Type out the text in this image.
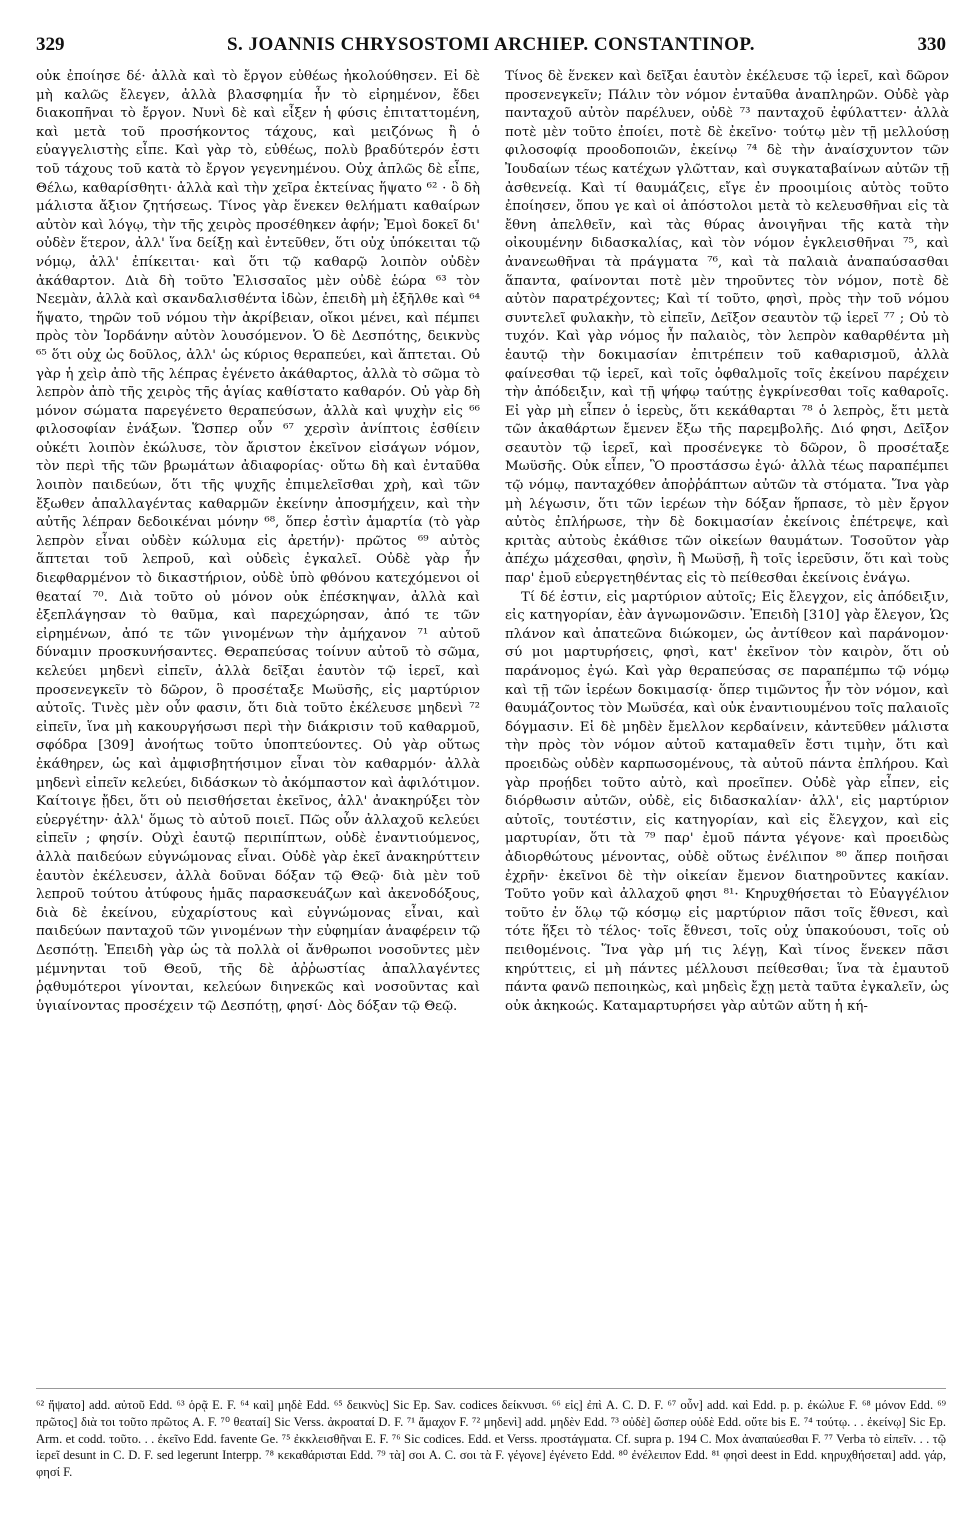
329	S. JOANNIS CHRYSOSTOMI ARCHIEP. CONSTANTINOP.	330

οὐκ ἐποίησε δέ· ἀλλὰ καὶ τὸ ἔργον εὐθέως ἠκολούθησεν. Εἰ δὲ μὴ καλῶς ἔλεγεν, ἀλλὰ βλασφημία ἦν τὸ εἰρημένον, ἔδει διακοπῆναι τὸ ἔργον. Νυνὶ δὲ καὶ εἶξεν ἡ φύσις ἐπιταττομένη, καὶ μετὰ τοῦ προσήκοντος τάχους, καὶ μειζόνως ἢ ὁ εὐαγγελιστὴς εἶπε. Καὶ γὰρ τὸ, εὐθέως, πολὺ βραδύτερόν ἐστι τοῦ τάχους τοῦ κατὰ τὸ ἔργον γεγενημένου. Οὐχ ἁπλῶς δὲ εἶπε, Θέλω, καθαρίσθητι· ἀλλὰ καὶ τὴν χεῖρα ἐκτείνας ἥψατο ⁶² · ὃ δὴ μάλιστα ἄξιον ζητήσεως. Τίνος γὰρ ἕνεκεν θελήματι καθαίρων αὐτὸν καὶ λόγῳ, τὴν τῆς χειρὸς προσέθηκεν ἀφήν; Ἐμοὶ δοκεῖ δι' οὐδὲν ἕτερον, ἀλλ' ἵνα δείξῃ καὶ ἐντεῦθεν, ὅτι οὐχ ὑπόκειται τῷ νόμῳ, ἀλλ' ἐπίκειται· καὶ ὅτι τῷ καθαρῷ λοιπὸν οὐδὲν ἀκάθαρτον. Διὰ δὴ τοῦτο Ἐλισσαῖος μὲν οὐδὲ ἑώρα ⁶³ τὸν Νεεμὰν, ἀλλὰ καὶ σκανδαλισθέντα ἰδὼν, ἐπειδὴ μὴ ἐξῆλθε καὶ ⁶⁴ ἥψατο, τηρῶν τοῦ νόμου τὴν ἀκρίβειαν, οἴκοι μένει, καὶ πέμπει πρὸς τὸν Ἰορδάνην αὐτὸν λουσόμενον. Ὁ δὲ Δεσπότης, δεικνὺς ⁶⁵ ὅτι οὐχ ὡς δοῦλος, ἀλλ' ὡς κύριος θεραπεύει, καὶ ἅπτεται. Οὐ γὰρ ἡ χεὶρ ἀπὸ τῆς λέπρας ἐγένετο ἀκάθαρτος, ἀλλὰ τὸ σῶμα τὸ λεπρὸν ἀπὸ τῆς χειρὸς τῆς ἁγίας καθίστατο καθαρόν. Οὐ γὰρ δὴ μόνον σώματα παρεγένετο θεραπεύσων, ἀλλὰ καὶ ψυχὴν εἰς ⁶⁶ φιλοσοφίαν ἐνάξων. Ὥσπερ οὖν ⁶⁷ χερσὶν ἀνίπτοις ἐσθίειν οὐκέτι λοιπὸν ἐκώλυσε, τὸν ἄριστον ἐκεῖνον εἰσάγων νόμον, τὸν περὶ τῆς τῶν βρωμάτων ἀδιαφορίας· οὕτω δὴ καὶ ἐνταῦθα λοιπὸν παιδεύων, ὅτι τῆς ψυχῆς ἐπιμελεῖσθαι χρὴ, καὶ τῶν ἔξωθεν ἀπαλλαγέντας καθαρμῶν ἐκείνην ἀποσμήχειν, καὶ τὴν αὐτῆς λέπραν δεδοικέναι μόνην ⁶⁸, ὅπερ ἐστὶν ἁμαρτία (τὸ γὰρ λεπρὸν εἶναι οὐδὲν κώλυμα εἰς ἀρετήν)· πρῶτος ⁶⁹ αὐτὸς ἅπτεται τοῦ λεπροῦ, καὶ οὐδεὶς ἐγκαλεῖ. Οὐδὲ γὰρ ἦν διεφθαρμένον τὸ δικαστήριον, οὐδὲ ὑπὸ φθόνου κατεχόμενοι οἱ θεαταί ⁷⁰. Διὰ τοῦτο οὐ μόνον οὐκ ἐπέσκηψαν, ἀλλὰ καὶ ἐξεπλάγησαν τὸ θαῦμα, καὶ παρεχώρησαν, ἀπό τε τῶν εἰρημένων, ἀπό τε τῶν γινομένων τὴν ἀμήχανον ⁷¹ αὐτοῦ δύναμιν προσκυνήσαντες. Θεραπεύσας τοίνυν αὐτοῦ τὸ σῶμα, κελεύει μηδενὶ εἰπεῖν, ἀλλὰ δεῖξαι ἑαυτὸν τῷ ἱερεῖ, καὶ προσενεγκεῖν τὸ δῶρον, ὃ προσέταξε Μωϋσῆς, εἰς μαρτύριον αὐτοῖς. Τινὲς μὲν οὖν φασιν, ὅτι διὰ τοῦτο ἐκέλευσε μηδενὶ ⁷² εἰπεῖν, ἵνα μὴ κακουργήσωσι περὶ τὴν διάκρισιν τοῦ καθαρμοῦ, σφόδρα [309] ἀνοήτως τοῦτο ὑποπτεύοντες. Οὐ γὰρ οὕτως ἐκάθηρεν, ὡς καὶ ἀμφισβητήσιμον εἶναι τὸν καθαρμόν· ἀλλὰ μηδενὶ εἰπεῖν κελεύει, διδάσκων τὸ ἀκόμπαστον καὶ ἀφιλότιμον. Καίτοιγε ᾔδει, ὅτι οὐ πεισθήσεται ἐκεῖνος, ἀλλ' ἀνακηρύξει τὸν εὐεργέτην· ἀλλ' ὅμως τὸ αὐτοῦ ποιεῖ. Πῶς οὖν ἀλλαχοῦ κελεύει εἰπεῖν ; φησίν. Οὐχὶ ἑαυτῷ περιπίπτων, οὐδὲ ἐναντιούμενος, ἀλλὰ παιδεύων εὐγνώμονας εἶναι. Οὐδὲ γὰρ ἐκεῖ ἀνακηρύττειν ἑαυτὸν ἐκέλευσεν, ἀλλὰ δοῦναι δόξαν τῷ Θεῷ· διὰ μὲν τοῦ λεπροῦ τούτου ἀτύφους ἡμᾶς παρασκευάζων καὶ ἀκενοδόξους, διὰ δὲ ἐκείνου, εὐχαρίστους καὶ εὐγνώμονας εἶναι, καὶ παιδεύων πανταχοῦ τῶν γινομένων τὴν εὐφημίαν ἀναφέρειν τῷ Δεσπότῃ. Ἐπειδὴ γὰρ ὡς τὰ πολλὰ οἱ ἄνθρωποι νοσοῦντες μὲν μέμνηνται τοῦ Θεοῦ, τῆς δὲ ἀῤῥωστίας ἀπαλλαγέντες ῥᾳθυμότεροι γίνονται, κελεύων διηνεκῶς καὶ νοσοῦντας καὶ ὑγιαίνοντας προσέχειν τῷ Δεσπότῃ, φησί· Δὸς δόξαν τῷ Θεῷ.

Τίνος δὲ ἕνεκεν καὶ δεῖξαι ἑαυτὸν ἐκέλευσε τῷ ἱερεῖ, καὶ δῶρον προσενεγκεῖν; Πάλιν τὸν νόμον ἐνταῦθα ἀναπληρῶν. Οὐδὲ γὰρ πανταχοῦ αὐτὸν παρέλυεν, οὐδὲ ⁷³ πανταχοῦ ἐφύλαττεν· ἀλλὰ ποτὲ μὲν τοῦτο ἐποίει, ποτὲ δὲ ἐκεῖνο· τούτῳ μὲν τῇ μελλούσῃ φιλοσοφίᾳ προοδοποιῶν, ἐκείνῳ ⁷⁴ δὲ τὴν ἀναίσχυντον τῶν Ἰουδαίων τέως κατέχων γλῶτταν, καὶ συγκαταβαίνων αὐτῶν τῇ ἀσθενείᾳ. Καὶ τί θαυμάζεις, εἴγε ἐν προοιμίοις αὐτὸς τοῦτο ἐποίησεν, ὅπου γε καὶ οἱ ἀπόστολοι μετὰ τὸ κελευσθῆναι εἰς τὰ ἔθνη ἀπελθεῖν, καὶ τὰς θύρας ἀνοιγῆναι τῆς κατὰ τὴν οἰκουμένην διδασκαλίας, καὶ τὸν νόμον ἐγκλεισθῆναι ⁷⁵, καὶ ἀνανεωθῆναι τὰ πράγματα ⁷⁶, καὶ τὰ παλαιὰ ἀναπαύσασθαι ἅπαντα, φαίνονται ποτὲ μὲν τηροῦντες τὸν νόμον, ποτὲ δὲ αὐτὸν παρατρέχοντες; Καὶ τί τοῦτο, φησὶ, πρὸς τὴν τοῦ νόμου συντελεῖ φυλακὴν, τὸ εἰπεῖν, Δεῖξον σεαυτὸν τῷ ἱερεῖ ⁷⁷ ; Οὐ τὸ τυχόν. Καὶ γὰρ νόμος ἦν παλαιὸς, τὸν λεπρὸν καθαρθέντα μὴ ἑαυτῷ τὴν δοκιμασίαν ἐπιτρέπειν τοῦ καθαρισμοῦ, ἀλλὰ φαίνεσθαι τῷ ἱερεῖ, καὶ τοῖς ὀφθαλμοῖς τοῖς ἐκείνου παρέχειν τὴν ἀπόδειξιν, καὶ τῇ ψήφῳ ταύτῃς ἐγκρίνεσθαι τοῖς καθαροῖς. Εἰ γὰρ μὴ εἶπεν ὁ ἱερεὺς, ὅτι κεκάθαρται ⁷⁸ ὁ λεπρὸς, ἔτι μετὰ τῶν ἀκαθάρτων ἔμενεν ἔξω τῆς παρεμβολῆς. Διό φησι, Δεῖξον σεαυτὸν τῷ ἱερεῖ, καὶ προσένεγκε τὸ δῶρον, ὃ προσέταξε Μωϋσῆς. Οὐκ εἶπεν, Ὃ προστάσσω ἐγώ· ἀλλὰ τέως παραπέμπει τῷ νόμῳ, πανταχόθεν ἀποῤῥάπτων αὐτῶν τὰ στόματα. Ἵνα γὰρ μὴ λέγωσιν, ὅτι τῶν ἱερέων τὴν δόξαν ἥρπασε, τὸ μὲν ἔργον αὐτὸς ἐπλήρωσε, τὴν δὲ δοκιμασίαν ἐκείνοις ἐπέτρεψε, καὶ κριτὰς αὐτοὺς ἐκάθισε τῶν οἰκείων θαυμάτων. Τοσοῦτον γὰρ ἀπέχω μάχεσθαι, φησὶν, ἢ Μωϋσῇ, ἢ τοῖς ἱερεῦσιν, ὅτι καὶ τοὺς παρ' ἐμοῦ εὐεργετηθέντας εἰς τὸ πείθεσθαι ἐκείνοις ἐνάγω.

Τί δέ ἐστιν, εἰς μαρτύριον αὐτοῖς; Εἰς ἔλεγχον, εἰς ἀπόδειξιν, εἰς κατηγορίαν, ἐὰν ἀγνωμονῶσιν. Ἐπειδὴ [310] γὰρ ἔλεγον, Ὡς πλάνον καὶ ἀπατεῶνα διώκομεν, ὡς ἀντίθεον καὶ παράνομον· σύ μοι μαρτυρήσεις, φησὶ, κατ' ἐκεῖνον τὸν καιρὸν, ὅτι οὐ παράνομος ἐγώ. Καὶ γὰρ θεραπεύσας σε παραπέμπω τῷ νόμῳ καὶ τῇ τῶν ἱερέων δοκιμασίᾳ· ὅπερ τιμῶντος ἦν τὸν νόμον, καὶ θαυμάζοντος τὸν Μωϋσέα, καὶ οὐκ ἐναντιουμένου τοῖς παλαιοῖς δόγμασιν. Εἰ δὲ μηδὲν ἔμελλον κερδαίνειν, κἀντεῦθεν μάλιστα τὴν πρὸς τὸν νόμον αὐτοῦ καταμαθεῖν ἔστι τιμὴν, ὅτι καὶ προειδὼς οὐδὲν καρπωσομένους, τὰ αὐτοῦ πάντα ἐπλήρου. Καὶ γὰρ προῄδει τοῦτο αὐτὸ, καὶ προεῖπεν. Οὐδὲ γὰρ εἶπεν, εἰς διόρθωσιν αὐτῶν, οὐδὲ, εἰς διδασκαλίαν· ἀλλ', εἰς μαρτύριον αὐτοῖς, τουτέστιν, εἰς κατηγορίαν, καὶ εἰς ἔλεγχον, καὶ εἰς μαρτυρίαν, ὅτι τὰ ⁷⁹ παρ' ἐμοῦ πάντα γέγονε· καὶ προειδὼς ἀδιορθώτους μένοντας, οὐδὲ οὕτως ἐνέλιπον ⁸⁰ ἅπερ ποιῆσαι ἐχρῆν· ἐκεῖνοι δὲ τὴν οἰκείαν ἔμενον διατηροῦντες κακίαν. Τοῦτο γοῦν καὶ ἀλλαχοῦ φησι ⁸¹· Κηρυχθήσεται τὸ Εὐαγγέλιον τοῦτο ἐν ὅλῳ τῷ κόσμῳ εἰς μαρτύριον πᾶσι τοῖς ἔθνεσι, καὶ τότε ἥξει τὸ τέλος· τοῖς ἔθνεσι, τοῖς οὐχ ὑπακούουσι, τοῖς οὐ πειθομένοις. Ἵνα γὰρ μή τις λέγῃ, Καὶ τίνος ἕνεκεν πᾶσι κηρύττεις, εἰ μὴ πάντες μέλλουσι πείθεσθαι; ἵνα τὰ ἐμαυτοῦ πάντα φανῶ πεποιηκὼς, καὶ μηδεὶς ἔχῃ μετὰ ταῦτα ἐγκαλεῖν, ὡς οὐκ ἀκηκοώς. Καταμαρτυρήσει γὰρ αὐτῶν αὕτη ἡ κή-

⁶² ἥψατο] add. αὐτοῦ Edd. ⁶³ ὁρᾷ E. F. ⁶⁴ καὶ] μηδὲ Edd. ⁶⁵ δεικνὺς] Sic Ep. Sav. codices δείκνυσι. ⁶⁶ εἰς] ἐπὶ A. C. D. F. ⁶⁷ οὖν] add. καὶ Edd. p. p. ἐκώλυε F. ⁶⁸ μόνον Edd. ⁶⁹ πρῶτος] διὰ τοι τοῦτο πρῶτος A. F. ⁷⁰ θεαταί] Sic Verss. ἀκροαταί D. F. ⁷¹ ἄμαχον F. ⁷² μηδενὶ] add. μηδὲν Edd. ⁷³ οὐδὲ] ὥσπερ οὐδὲ Edd. οὔτε bis E. ⁷⁴ τούτῳ. . . ἐκείνῳ] Sic Ep. Arm. et codd. τοῦτο. . . ἐκεῖνο Edd. favente Ge. ⁷⁵ ἐκκλεισθῆναι E. F. ⁷⁶ Sic codices. Edd. et Verss. προστάγματα. Cf. supra p. 194 C. Mox ἀναπαύεσθαι F. ⁷⁷ Verba τὸ εἰπεῖν. . . τῷ ἱερεῖ desunt in C. D. F. sed legerunt Interpp. ⁷⁸ κεκαθάρισται Edd. ⁷⁹ τὰ] σοι A. C. σοι τὰ F. γέγονε] ἐγένετο Edd. ⁸⁰ ἐνέλειπον Edd. ⁸¹ φησὶ deest in Edd. κηρυχθήσεται] add. γάρ, φησί F.
